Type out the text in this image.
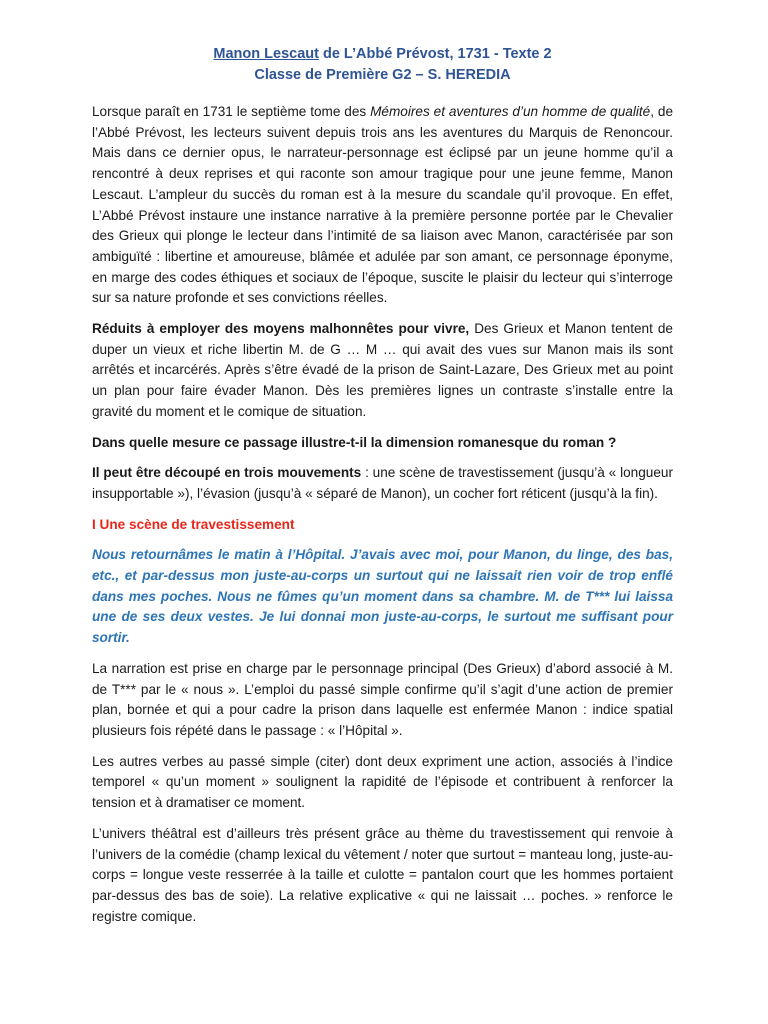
Manon Lescaut de L’Abbé Prévost, 1731 - Texte 2
Classe de Première G2 – S. HEREDIA

Lorsque paraît en 1731 le septième tome des Mémoires et aventures d’un homme de qualité, de l’Abbé Prévost, les lecteurs suivent depuis trois ans les aventures du Marquis de Renoncour. Mais dans ce dernier opus, le narrateur-personnage est éclipsé par un jeune homme qu’il a rencontré à deux reprises et qui raconte son amour tragique pour une jeune femme, Manon Lescaut. L’ampleur du succès du roman est à la mesure du scandale qu’il provoque. En effet, L’Abbé Prévost instaure une instance narrative à la première personne portée par le Chevalier des Grieux qui plonge le lecteur dans l’intimité de sa liaison avec Manon, caractérisée par son ambiguïté : libertine et amoureuse, blâmée et adulée par son amant, ce personnage éponyme, en marge des codes éthiques et sociaux de l’époque, suscite le plaisir du lecteur qui s’interroge sur sa nature profonde et ses convictions réelles.

Réduits à employer des moyens malhonnêtes pour vivre, Des Grieux et Manon tentent de duper un vieux et riche libertin M. de G … M … qui avait des vues sur Manon mais ils sont arrêtés et incarcérés. Après s’être évadé de la prison de Saint-Lazare, Des Grieux met au point un plan pour faire évader Manon. Dès les premières lignes un contraste s’installe entre la gravité du moment et le comique de situation.

Dans quelle mesure ce passage illustre-t-il la dimension romanesque du roman ?

Il peut être découpé en trois mouvements : une scène de travestissement (jusqu’à « longueur insupportable »), l’évasion (jusqu’à « séparé de Manon), un cocher fort réticent (jusqu’à la fin).

I Une scène de travestissement

Nous retournâmes le matin à l’Hôpital. J’avais avec moi, pour Manon, du linge, des bas, etc., et par-dessus mon juste-au-corps un surtout qui ne laissait rien voir de trop enflé dans mes poches. Nous ne fûmes qu’un moment dans sa chambre. M. de T*** lui laissa une de ses deux vestes. Je lui donnai mon juste-au-corps, le surtout me suffisant pour sortir.

La narration est prise en charge par le personnage principal (Des Grieux) d’abord associé à M. de T*** par le « nous ». L’emploi du passé simple confirme qu’il s’agit d’une action de premier plan, bornée et qui a pour cadre la prison dans laquelle est enfermée Manon : indice spatial plusieurs fois répété dans le passage : « l’Hôpital ».

Les autres verbes au passé simple (citer) dont deux expriment une action, associés à l’indice temporel « qu’un moment » soulignent la rapidité de l’épisode et contribuent à renforcer la tension et à dramatiser ce moment.

L’univers théâtral est d’ailleurs très présent grâce au thème du travestissement qui renvoie à l’univers de la comédie (champ lexical du vêtement / noter que surtout = manteau long, juste-au-corps = longue veste resserrée à la taille et culotte = pantalon court que les hommes portaient par-dessus des bas de soie). La relative explicative « qui ne laissait … poches. » renforce le registre comique.
